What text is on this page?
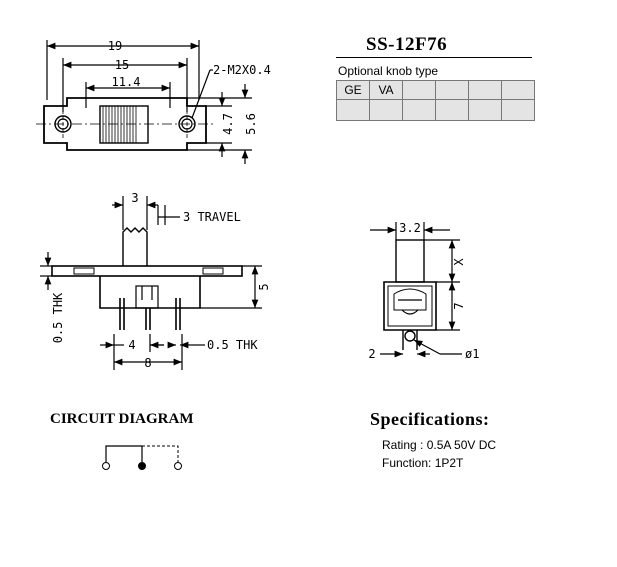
19
15
11.4
2-M2X0.4
4.7 5.6
3
3 TRAVEL
5
0.5 THK
4
8
0.5 THK
3.2
X
7
2	ø1
SS-12F76
Optional knob type
GE	VA				

CIRCUIT DIAGRAM	Specifications:
Rating : 0.5A 50V DC
Function: 1P2T
